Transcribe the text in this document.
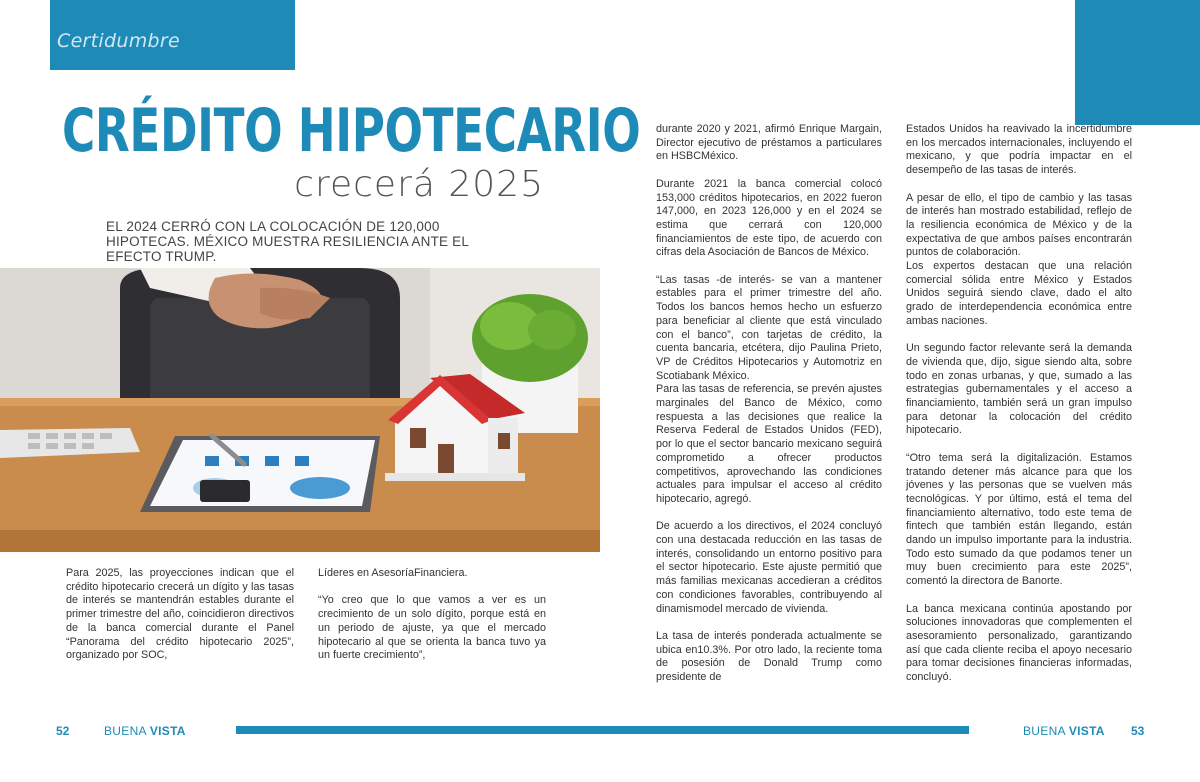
Certidumbre
CRÉDITO HIPOTECARIO
crecerá 2025
EL 2024 CERRÓ CON LA COLOCACIÓN DE 120,000 HIPOTECAS. MÉXICO MUESTRA RESILIENCIA ANTE EL EFECTO TRUMP.

Para 2025, las proyecciones indican que el crédito hipotecario crecerá un dígito y las tasas de interés se mantendrán estables durante el primer trimestre del año, coincidieron directivos de la banca comercial durante el Panel “Panorama del crédito hipotecario 2025”, organizado por SOC,

Líderes en AsesoríaFinanciera.

“Yo creo que lo que vamos a ver es un crecimiento de un solo dígito, porque está en un periodo de ajuste, ya que el mercado hipotecario al que se orienta la banca tuvo ya un fuerte crecimiento”,

durante 2020 y 2021, afirmó Enrique Margain, Director ejecutivo de préstamos a particulares en HSBCMéxico.

Durante 2021 la banca comercial colocó 153,000 créditos hipotecarios, en 2022 fueron 147,000, en 2023 126,000 y en el 2024 se estima que cerrará con 120,000 financiamientos de este tipo, de acuerdo con cifras dela Asociación de Bancos de México.

“Las tasas -de interés- se van a mantener estables para el primer trimestre del año. Todos los bancos hemos hecho un esfuerzo para beneficiar al cliente que está vinculado con el banco”, con tarjetas de crédito, la cuenta bancaria, etcétera, dijo Paulina Prieto, VP de Créditos Hipotecarios y Automotriz en Scotiabank México.

Para las tasas de referencia, se prevén ajustes marginales del Banco de México, como respuesta a las decisiones que realice la Reserva Federal de Estados Unidos (FED), por lo que el sector bancario mexicano seguirá comprometido a ofrecer productos competitivos, aprovechando las condiciones actuales para impulsar el acceso al crédito hipotecario, agregó.

De acuerdo a los directivos, el 2024 concluyó con una destacada reducción en las tasas de interés, consolidando un entorno positivo para el sector hipotecario. Este ajuste permitió que más familias mexicanas accedieran a créditos con condiciones favorables, contribuyendo al dinamismodel mercado de vivienda.

La tasa de interés ponderada actualmente se ubica en10.3%. Por otro lado, la reciente toma de posesión de Donald Trump como presidente de

Estados Unidos ha reavivado la incertidumbre en los mercados internacionales, incluyendo el mexicano, y que podría impactar en el desempeño de las tasas de interés.

A pesar de ello, el tipo de cambio y las tasas de interés han mostrado estabilidad, reflejo de la resiliencia económica de México y de la expectativa de que ambos países encontrarán puntos de colaboración.

Los expertos destacan que una relación comercial sólida entre México y Estados Unidos seguirá siendo clave, dado el alto grado de interdependencia económica entre ambas naciones.

Un segundo factor relevante será la demanda de vivienda que, dijo, sigue siendo alta, sobre todo en zonas urbanas, y que, sumado a las estrategias gubernamentales y el acceso a financiamiento, también será un gran impulso para detonar la colocación del crédito hipotecario.

“Otro tema será la digitalización. Estamos tratando detener más alcance para que los jóvenes y las personas que se vuelven más tecnológicas. Y por último, está el tema del financiamiento alternativo, todo este tema de fintech que también están llegando, están dando un impulso importante para la industria. Todo esto sumado da que podamos tener un muy buen crecimiento para este 2025”, comentó la directora de Banorte.

La banca mexicana continúa apostando por soluciones innovadoras que complementen el asesoramiento personalizado, garantizando así que cada cliente reciba el apoyo necesario para tomar decisiones financieras informadas, concluyó.

52	BUENA VISTA	BUENA VISTA 53
